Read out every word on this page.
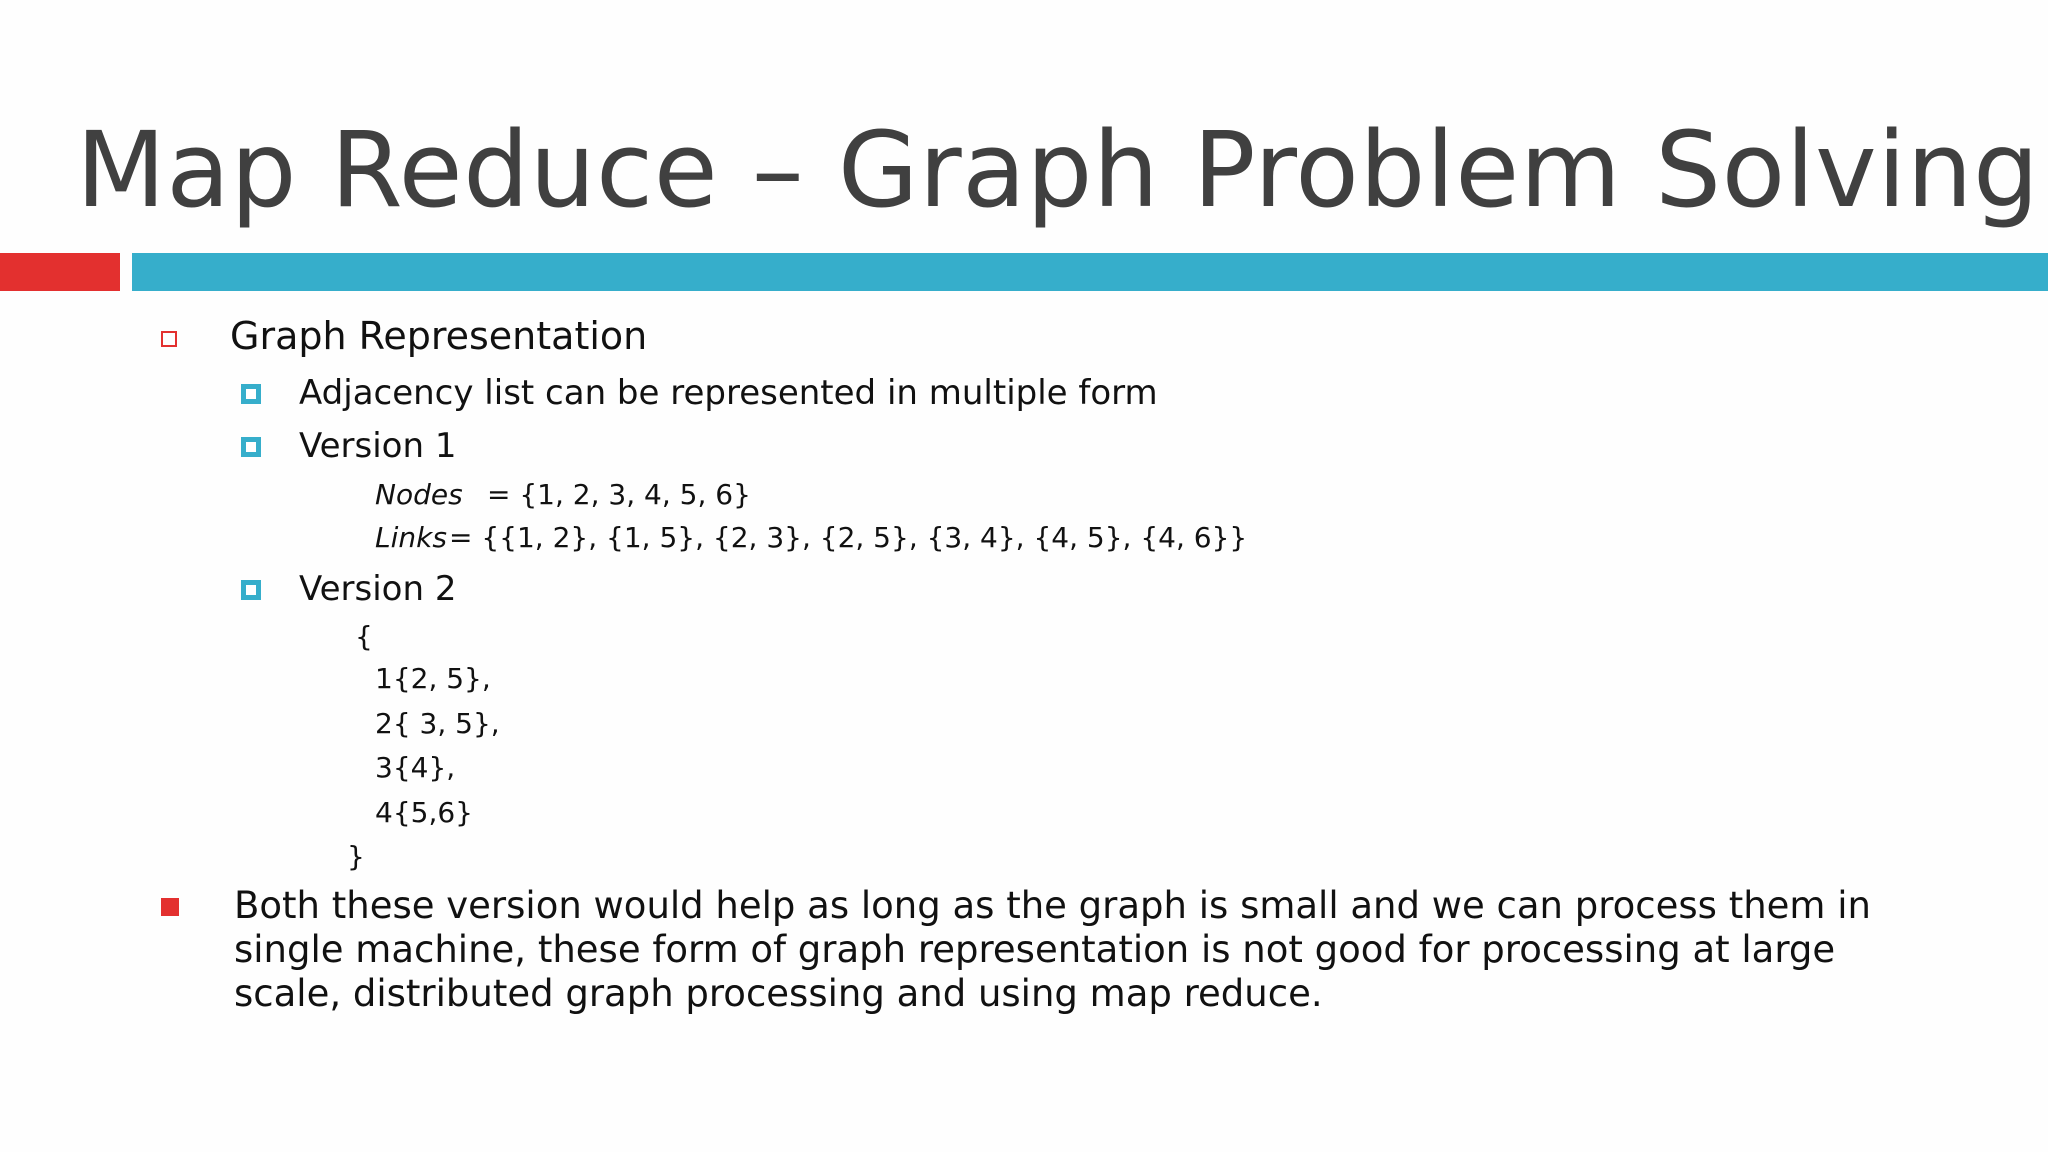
Map Reduce – Graph Problem Solving
Graph Representation
Adjacency list can be represented in multiple form
Version 1
Nodes = {1, 2, 3, 4, 5, 6}
Links = {{1, 2}, {1, 5}, {2, 3}, {2, 5}, {3, 4}, {4, 5}, {4, 6}}
Version 2
{
1{2, 5},
2{ 3, 5},
3{4},
4{5,6}
}
Both these version would help as long as the graph is small and we can process them in single machine, these form of graph representation is not good for processing at large scale, distributed graph processing and using map reduce.
